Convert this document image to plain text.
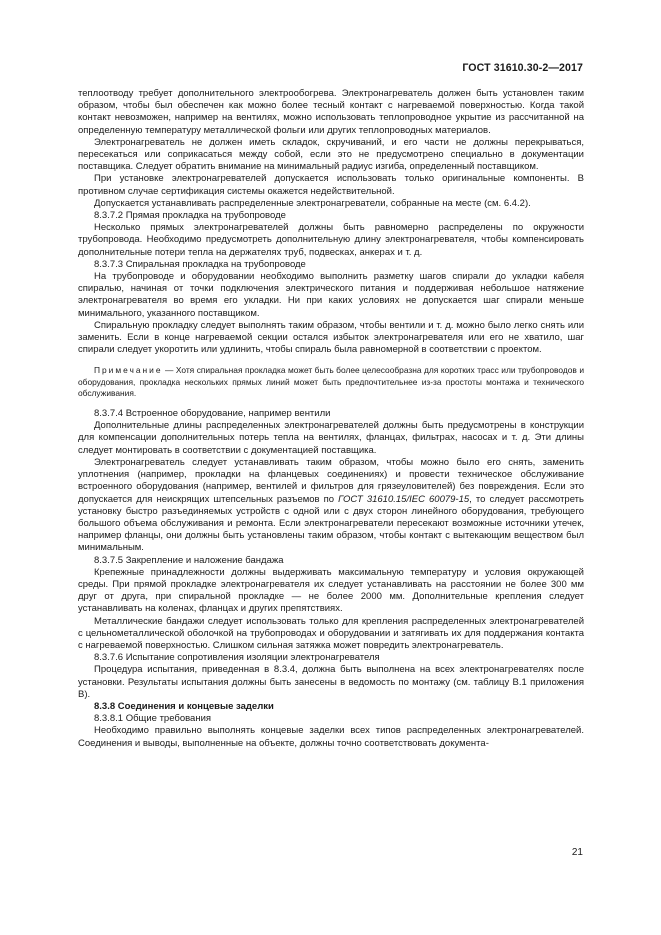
ГОСТ 31610.30-2—2017

теплоотводу требует дополнительного электрообогрева. Электронагреватель должен быть установлен таким образом, чтобы был обеспечен как можно более тесный контакт с нагреваемой поверхностью. Когда такой контакт невозможен, например на вентилях, можно использовать теплопроводное укрытие из рассчитанной на определенную температуру металлической фольги или других теплопроводных материалов.

Электронагреватель не должен иметь складок, скручиваний, и его части не должны перекрываться, пересекаться или соприкасаться между собой, если это не предусмотрено специально в документации поставщика. Следует обратить внимание на минимальный радиус изгиба, определенный поставщиком.

При установке электронагревателей допускается использовать только оригинальные компоненты. В противном случае сертификация системы окажется недействительной.

Допускается устанавливать распределенные электронагреватели, собранные на месте (см. 6.4.2).

8.3.7.2 Прямая прокладка на трубопроводе

Несколько прямых электронагревателей должны быть равномерно распределены по окружности трубопровода. Необходимо предусмотреть дополнительную длину электронагревателя, чтобы компенсировать дополнительные потери тепла на держателях труб, подвесках, анкерах и т. д.

8.3.7.3 Спиральная прокладка на трубопроводе

На трубопроводе и оборудовании необходимо выполнить разметку шагов спирали до укладки кабеля спиралью, начиная от точки подключения электрического питания и поддерживая небольшое натяжение электронагревателя во время его укладки. Ни при каких условиях не допускается шаг спирали меньше минимального, указанного поставщиком.

Спиральную прокладку следует выполнять таким образом, чтобы вентили и т. д. можно было легко снять или заменить. Если в конце нагреваемой секции остался избыток электронагревателя или его не хватило, шаг спирали следует укоротить или удлинить, чтобы спираль была равномерной в соответствии с проектом.

Примечание — Хотя спиральная прокладка может быть более целесообразна для коротких трасс или трубопроводов и оборудования, прокладка нескольких прямых линий может быть предпочтительнее из-за простоты монтажа и технического обслуживания.

8.3.7.4 Встроенное оборудование, например вентили

Дополнительные длины распределенных электронагревателей должны быть предусмотрены в конструкции для компенсации дополнительных потерь тепла на вентилях, фланцах, фильтрах, насосах и т. д. Эти длины следует монтировать в соответствии с документацией поставщика.

Электронагреватель следует устанавливать таким образом, чтобы можно было его снять, заменить уплотнения (например, прокладки на фланцевых соединениях) и провести техническое обслуживание встроенного оборудования (например, вентилей и фильтров для грязеуловителей) без повреждения. Если это допускается для неискрящих штепсельных разъемов по ГОСТ 31610.15/IEC 60079-15, то следует рассмотреть установку быстро разъединяемых устройств с одной или с двух сторон линейного оборудования, требующего большого объема обслуживания и ремонта. Если электронагреватели пересекают возможные источники утечек, например фланцы, они должны быть установлены таким образом, чтобы контакт с вытекающим веществом был минимальным.

8.3.7.5 Закрепление и наложение бандажа

Крепежные принадлежности должны выдерживать максимальную температуру и условия окружающей среды. При прямой прокладке электронагревателя их следует устанавливать на расстоянии не более 300 мм друг от друга, при спиральной прокладке — не более 2000 мм. Дополнительные крепления следует устанавливать на коленах, фланцах и других препятствиях.

Металлические бандажи следует использовать только для крепления распределенных электронагревателей с цельнометаллической оболочкой на трубопроводах и оборудовании и затягивать их для поддержания контакта с нагреваемой поверхностью. Слишком сильная затяжка может повредить электронагреватель.

8.3.7.6 Испытание сопротивления изоляции электронагревателя

Процедура испытания, приведенная в 8.3.4, должна быть выполнена на всех электронагревателях после установки. Результаты испытания должны быть занесены в ведомость по монтажу (см. таблицу В.1 приложения В).

8.3.8 Соединения и концевые заделки

8.3.8.1 Общие требования

Необходимо правильно выполнять концевые заделки всех типов распределенных электронагревателей. Соединения и выводы, выполненные на объекте, должны точно соответствовать документа-

21
